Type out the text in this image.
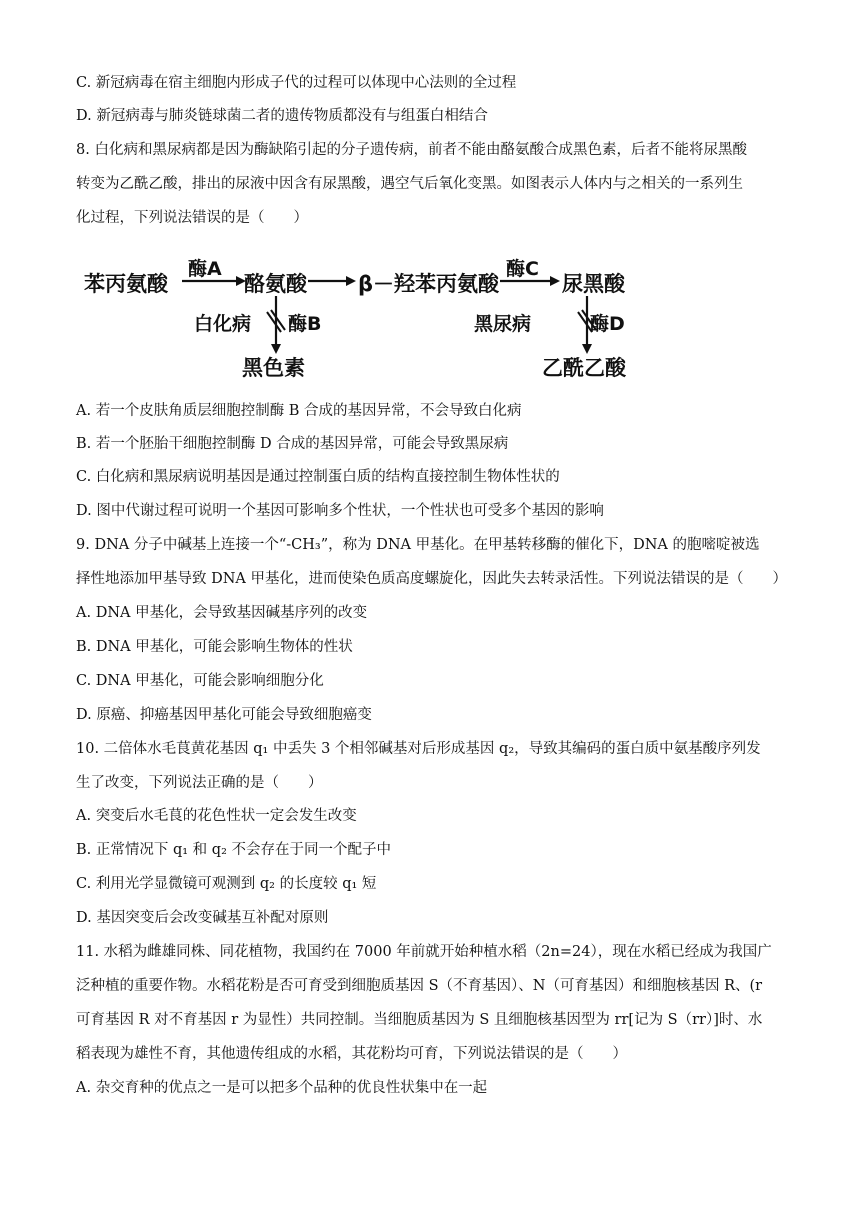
C. 新冠病毒在宿主细胞内形成子代的过程可以体现中心法则的全过程
D. 新冠病毒与肺炎链球菌二者的遗传物质都没有与组蛋白相结合
8. 白化病和黑尿病都是因为酶缺陷引起的分子遗传病，前者不能由酪氨酸合成黑色素，后者不能将尿黑酸
转变为乙酰乙酸，排出的尿液中因含有尿黑酸，遇空气后氧化变黑。如图表示人体内与之相关的一系列生
化过程，下列说法错误的是（　　）
苯丙氨酸
酶A
酪氨酸 β－羟苯丙氨酸
酶C
尿黑酸
白化病 酶B
黑色素
黑尿病	酶D
乙酰乙酸
A. 若一个皮肤角质层细胞控制酶 B 合成的基因异常，不会导致白化病
B. 若一个胚胎干细胞控制酶 D 合成的基因异常，可能会导致黑尿病
C. 白化病和黑尿病说明基因是通过控制蛋白质的结构直接控制生物体性状的
D. 图中代谢过程可说明一个基因可影响多个性状，一个性状也可受多个基因的影响
9. DNA 分子中碱基上连接一个“-CH₃”，称为 DNA 甲基化。在甲基转移酶的催化下，DNA 的胞嘧啶被选
择性地添加甲基导致 DNA 甲基化，进而使染色质高度螺旋化，因此失去转录活性。下列说法错误的是（　　）
A. DNA 甲基化，会导致基因碱基序列的改变
B. DNA 甲基化，可能会影响生物体的性状
C. DNA 甲基化，可能会影响细胞分化
D. 原癌、抑癌基因甲基化可能会导致细胞癌变
10. 二倍体水毛茛黄花基因 q₁ 中丢失 3 个相邻碱基对后形成基因 q₂，导致其编码的蛋白质中氨基酸序列发
生了改变，下列说法正确的是（　　）
A. 突变后水毛茛的花色性状一定会发生改变
B. 正常情况下 q₁ 和 q₂ 不会存在于同一个配子中
C. 利用光学显微镜可观测到 q₂ 的长度较 q₁ 短
D. 基因突变后会改变碱基互补配对原则
11. 水稻为雌雄同株、同花植物，我国约在 7000 年前就开始种植水稻（2n=24），现在水稻已经成为我国广
泛种植的重要作物。水稻花粉是否可育受到细胞质基因 S（不育基因）、N（可育基因）和细胞核基因 R、(r
可育基因 R 对不育基因 r 为显性）共同控制。当细胞质基因为 S 且细胞核基因型为 rr[记为 S（rr）]时、水
稻表现为雄性不育，其他遗传组成的水稻，其花粉均可育，下列说法错误的是（　　）
A. 杂交育种的优点之一是可以把多个品种的优良性状集中在一起
